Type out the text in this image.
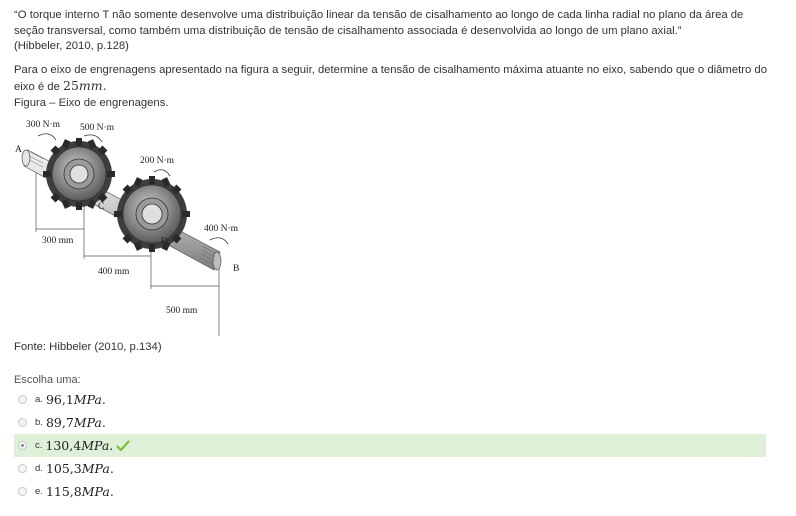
“O torque interno T não somente desenvolve uma distribuição linear da tensão de cisalhamento ao longo de cada linha radial no plano da área de seção transversal, como também uma distribuição de tensão de cisalhamento associada é desenvolvida ao longo de um plano axial.”

(Hibbeler, 2010, p.128)

Para o eixo de engrenagens apresentado na figura a seguir, determine a tensão de cisalhamento máxima atuante no eixo, sabendo que o diâmetro do eixo é de 25mm.

Figura – Eixo de engrenagens.

300 N·m 500 N·m
200 N·m
400 N·m
A
B
C
D
300 mm
400 mm
500 mm
Fonte: Hibbeler (2010, p.134)
Escolha uma:
a. 96,1 MPa .
b. 89,7 MPa .
c. 130,4 MPa .
d. 105,3 MPa .
e. 115,8 MPa .
